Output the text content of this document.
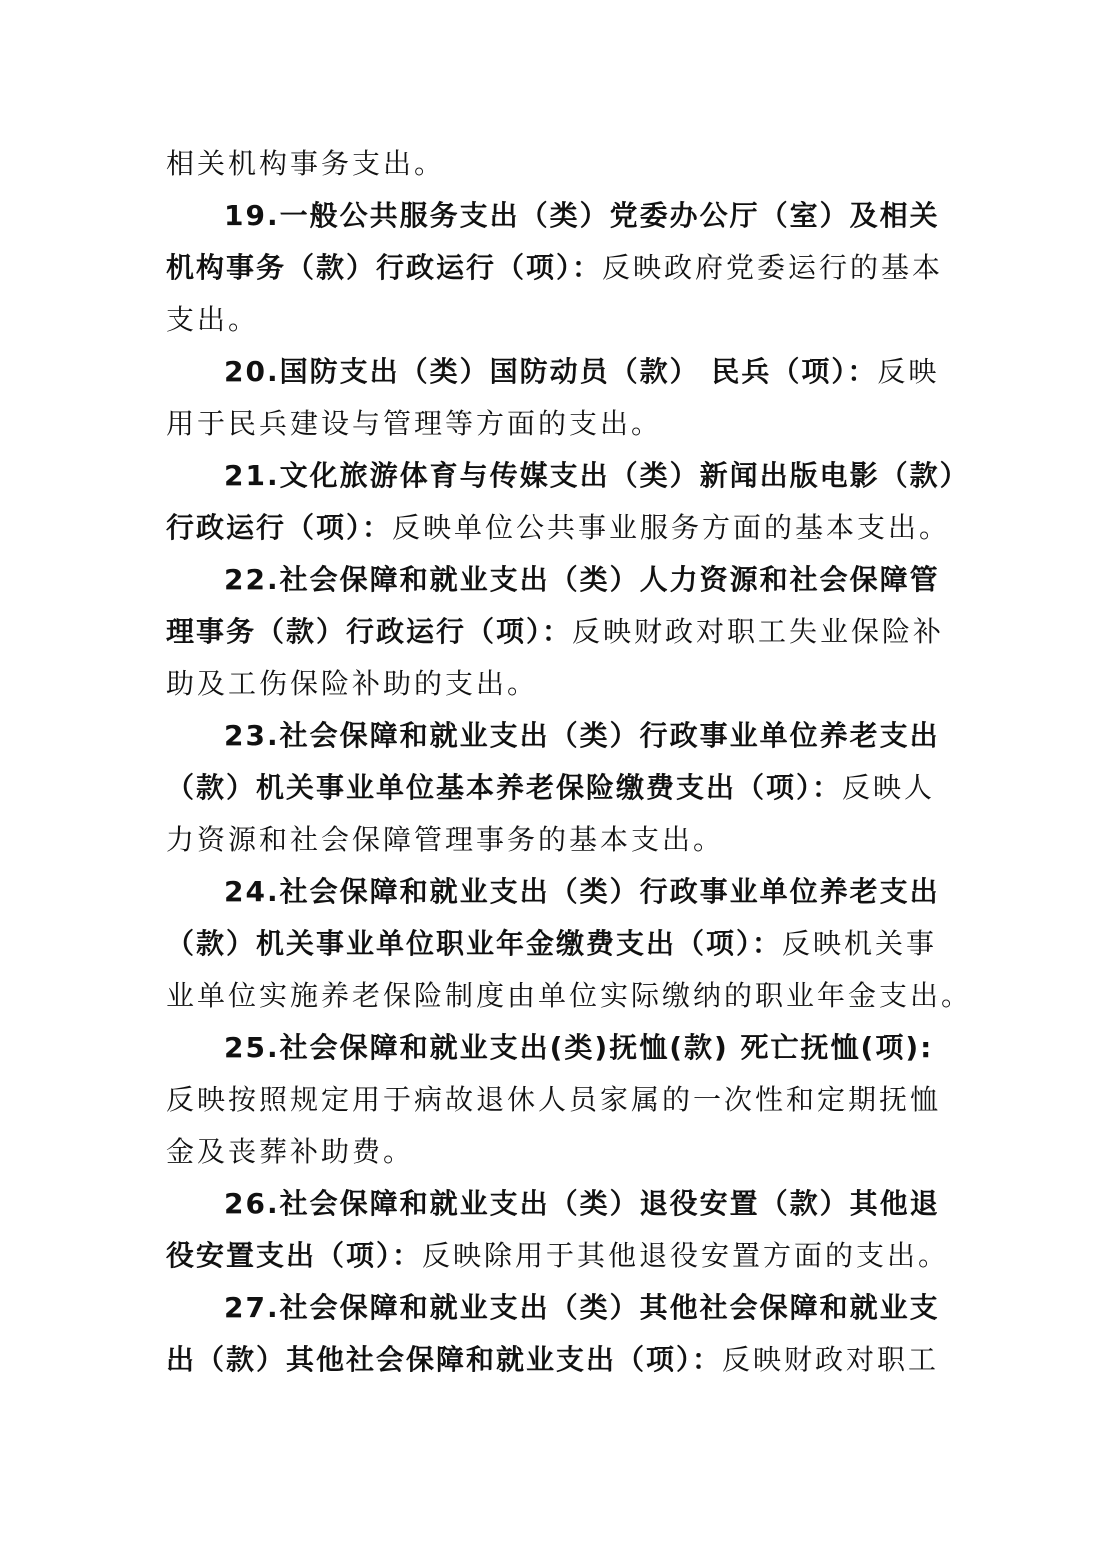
相关机构事务支出。
19.一般公共服务支出（类）党委办公厅（室）及相关
机构事务（款）行政运行（项）：反映政府党委运行的基本
支出。
20.国防支出（类）国防动员（款） 民兵（项）：反映
用于民兵建设与管理等方面的支出。
21.文化旅游体育与传媒支出（类）新闻出版电影（款）
行政运行（项）：反映单位公共事业服务方面的基本支出。
22.社会保障和就业支出（类）人力资源和社会保障管
理事务（款）行政运行（项）：反映财政对职工失业保险补
助及工伤保险补助的支出。
23.社会保障和就业支出（类）行政事业单位养老支出
（款）机关事业单位基本养老保险缴费支出（项）：反映人
力资源和社会保障管理事务的基本支出。
24.社会保障和就业支出（类）行政事业单位养老支出
（款）机关事业单位职业年金缴费支出（项）：反映机关事
业单位实施养老保险制度由单位实际缴纳的职业年金支出。
25.社会保障和就业支出(类)抚恤(款) 死亡抚恤(项):
反映按照规定用于病故退休人员家属的一次性和定期抚恤
金及丧葬补助费。
26.社会保障和就业支出（类）退役安置（款）其他退
役安置支出（项）：反映除用于其他退役安置方面的支出。
27.社会保障和就业支出（类）其他社会保障和就业支
出（款）其他社会保障和就业支出（项）：反映财政对职工
